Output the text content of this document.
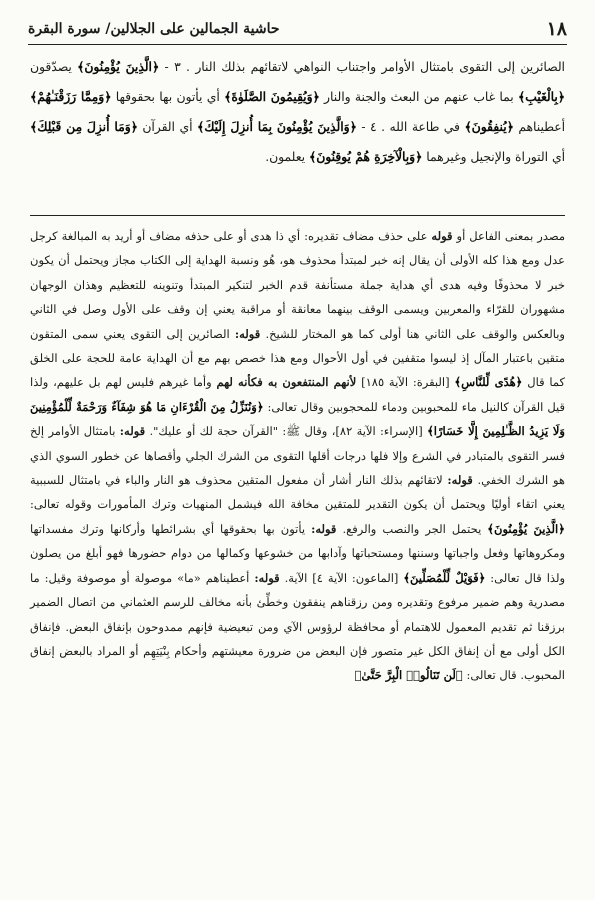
١٨
حاشية الجمالين على الجلالين/ سورة البقرة

الصائرين إلى التقوى بامتثال الأوامر واجتناب النواهي لاتقائهم بذلك النار . ٣ - ﴿الَّذِينَ يُؤْمِنُونَ﴾ يصدّقون ﴿بِالْغَيْبِ﴾ بما غاب عنهم من البعث والجنة والنار ﴿وَيُقِيمُونَ الصَّلَوٰةَ﴾ أي يأتون بها بحقوقها ﴿وَمِمَّا رَزَقْنَـٰهُمْ﴾ أعطيناهم ﴿يُنفِقُونَ﴾ في طاعة الله . ٤ - ﴿وَالَّذِينَ يُؤْمِنُونَ بِمَا أُنزِلَ إِلَيْكَ﴾ أي القرآن ﴿وَمَا أُنزِلَ مِن قَبْلِكَ﴾ أي التوراة والإنجيل وغيرهما ﴿وَبِالْآخِرَةِ هُمْ يُوقِنُونَ﴾ يعلمون.

مصدر بمعنى الفاعل أو قوله على حذف مضاف تقديره: أي ذا هدى أو على حذفه مضاف أو أريد به المبالغة كرجل عدل ومع هذا كله الأولى أن يقال إنه خبر لمبتدأ محذوف هو، هُو ونسبة الهداية إلى الكتاب مجاز ويحتمل أن يكون خبر لا محذوفًا وفيه هدى أي هداية جملة مستأنفة قدم الخبر لتنكير المبتدأ وتنوينه للتعظيم وهذان الوجهان مشهوران للقرّاء والمعربين ويسمى الوقف بينهما معانقة أو مراقبة يعني إن وقف على الأول وصل في الثاني وبالعكس والوقف على الثاني هنا أولى كما هو المختار للشيخ. قوله: الصائرين إلى التقوى يعني سمى المتقون متقين باعتبار المآل إذ ليسوا متقفين في أول الأحوال ومع هذا خصص بهم مع أن الهداية عامة للحجة على الخلق كما قال ﴿هُدًى لِّلنَّاسِ﴾ [البقرة: الآية ١٨٥] لأنهم المنتفعون به فكأنه لهم وأما غيرهم فليس لهم بل عليهم، ولذا قيل القرآن كالنيل ماء للمحبوبين ودماء للمحجوبين وقال تعالى: ﴿وَنُنَزِّلُ مِنَ الْقُرْءَانِ مَا هُوَ شِفَآءٌ وَرَحْمَةٌ لِّلْمُؤْمِنِينَ وَلَا يَزِيدُ الظَّـٰلِمِينَ إِلَّا خَسَارًا﴾ [الإسراء: الآية ٨٢]، وقال ﷺ: "القرآن حجة لك أو عليك". قوله: بامتثال الأوامر إلخ فسر التقوى بالمتبادر في الشرع وإلا فلها درجات أقلها التقوى من الشرك الجلي وأقصاها عن خطور السوي الذي هو الشرك الخفي. قوله: لاتقائهم بذلك النار أشار أن مفعول المتقين محذوف هو النار والباء في بامتثال للسببية يعني اتقاء أوليًا ويحتمل أن يكون التقدير للمتقين مخافة الله فيشمل المنهيات وترك المأمورات وقوله تعالى: ﴿الَّذِينَ يُؤْمِنُونَ﴾ يحتمل الجر والنصب والرفع. قوله: يأتون بها بحقوقها أي بشرائطها وأركانها وترك مفسداتها ومكروهاتها وفعل واجباتها وسننها ومستحباتها وآدابها من خشوعها وكمالها من دوام حضورها فهو أبلغ من يصلون ولذا قال تعالى: ﴿فَوَيْلٌ لِّلْمُصَلِّينَ﴾ [الماعون: الآية ٤] الآية. قوله: أعطيناهم «ما» موصولة أو موصوفة وقيل: ما مصدرية وهم ضمير مرفوع وتقديره ومن رزقناهم ينفقون وخطِّئ بأنه مخالف للرسم العثماني من اتصال الضمير برزقنا ثم تقديم المعمول للاهتمام أو محافظة لرؤوس الآي ومن تبعيضية فإنهم ممدوحون بإنفاق البعض. فإنفاق الكل أولى مع أن إنفاق الكل غير متصور فإن البعض من ضرورة معيشتهم وأحكام بِنْيَتِهِم أو المراد بالبعض إنفاق المحبوب. قال تعالى: ﴿لَن تَنَالُوا۟ الْبِرَّ حَتَّىٰ﴾
